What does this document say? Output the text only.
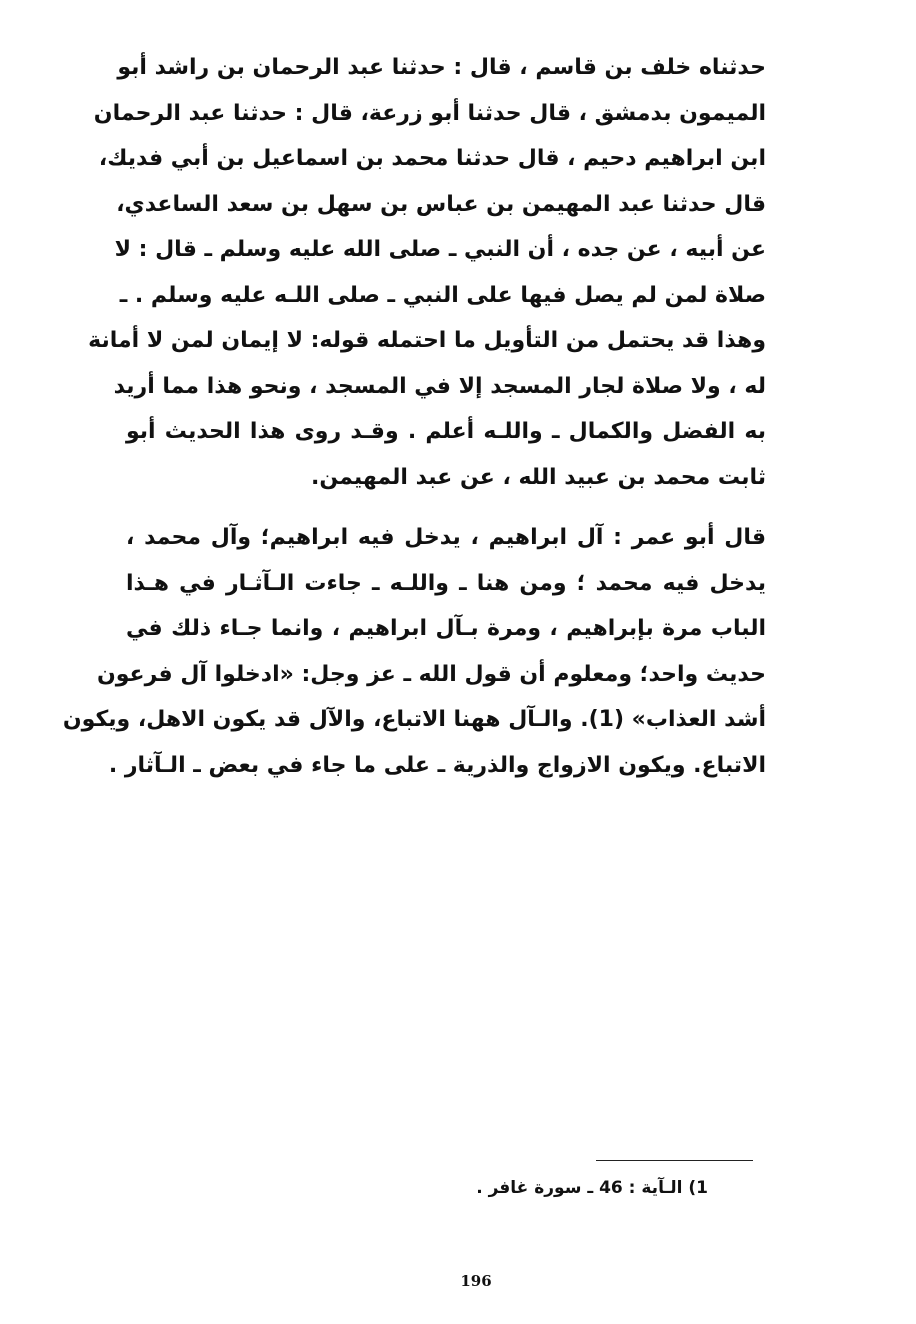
حدثناه خلف بن قاسم ، قال : حدثنا عبد الرحمان بن راشد أبو
الميمون بدمشق ، قال حدثنا أبو زرعة، قال : حدثنا عبد الرحمان
ابن ابراهيم دحيم ، قال حدثنا محمد بن اسماعيل بن أبي فديك،
قال حدثنا عبد المهيمن بن عباس بن سهل بن سعد الساعدي،
عن أبيه ، عن جده ، أن النبي ـ صلى الله عليه وسلم ـ قال : لا
صلاة لمن لم يصل فيها على النبي ـ صلى اللـه عليه وسلم . ـ
وهذا قد يحتمل من التأويل ما احتمله قوله: لا إيمان لمن لا أمانة
له ، ولا صلاة لجار المسجد إلا في المسجد ، ونحو هذا مما أريد
به الفضل والكمال ـ واللـه أعلم . وقـد روى هذا الحديث أبو
ثابت محمد بن عبيد الله ، عن عبد المهيمن.
قال أبو عمر : آل ابراهيم ، يدخل فيه ابراهيم؛ وآل محمد ،
يدخل فيه محمد ؛ ومن هنا ـ واللـه ـ جاءت الـآثـار في هـذا
الباب مرة بإبراهيم ، ومرة بـآل ابراهيم ، وانما جـاء ذلك في
حديث واحد؛ ومعلوم أن قول الله ـ عز وجل: «ادخلوا آل فرعون
أشد العذاب» (1). والـآل ههنا الاتباع، والآل قد يكون الاهل، ويكون
الاتباع. ويكون الازواج والذرية ـ على ما جاء في بعض ـ الـآثار .
1) الـآية : 46 ـ سورة غافر .
196
